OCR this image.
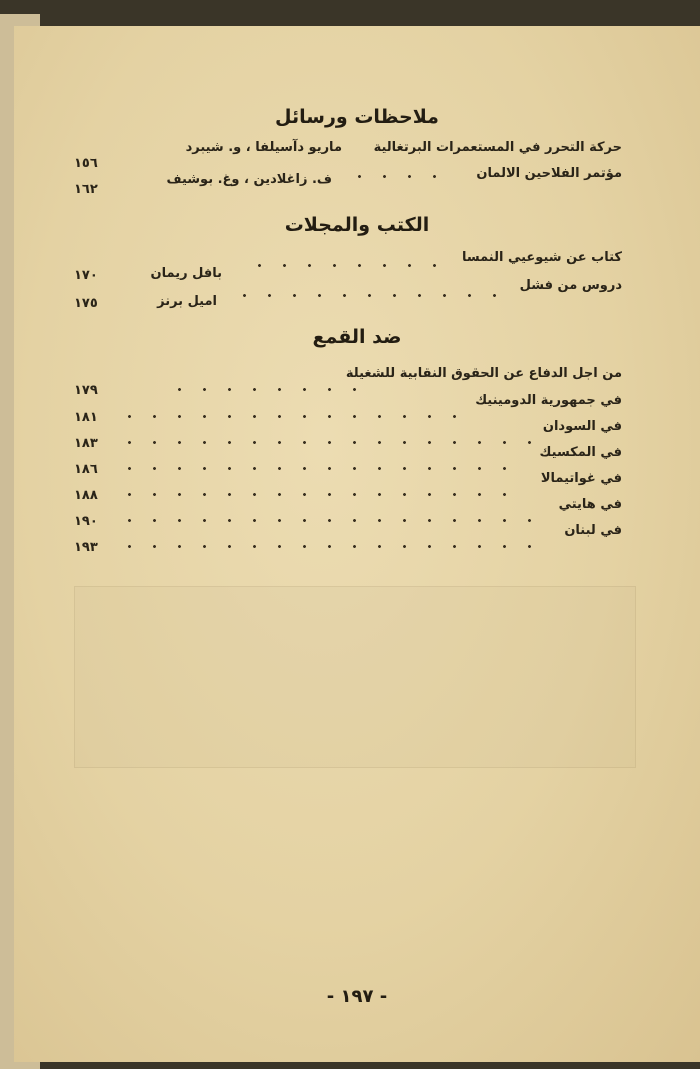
ملاحظات ورسائل
حركة التحرر في المستعمرات البرتغالية
ماريو دآسيلفا ، و. شيبرد
١٥٦
مؤتمر الفلاحين الالمان
ف. زاغلادين ، وغ. بوشيف
١٦٢
الكتب والمجلات
كتاب عن شيوعيي النمسا
بافل ريمان
١٧٠
دروس من فشل
اميل برنز
١٧٥
ضد القمع
من اجل الدفاع عن الحقوق النقابية للشغيلة
١٧٩
في جمهورية الدومينيك
١٨١
في السودان
١٨٣
في المكسيك
١٨٦
في غواتيمالا
١٨٨
في هايتي
١٩٠
في لبنان
١٩٣
- ١٩٧ -
